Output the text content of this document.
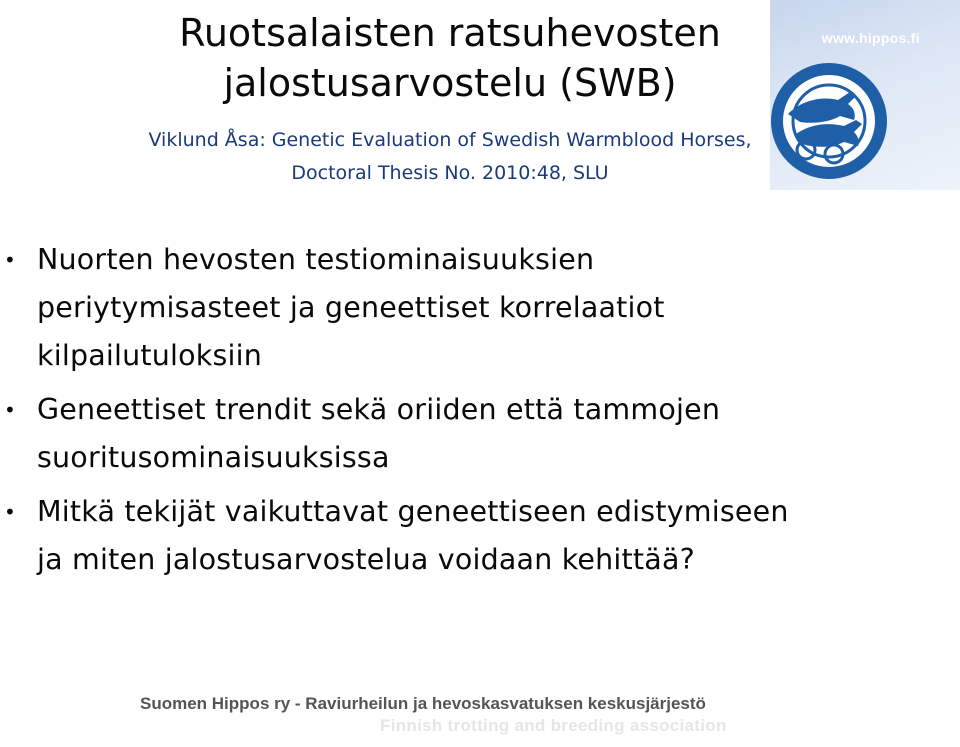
www.hippos.fi
Ruotsalaisten ratsuhevosten
jalostusarvostelu (SWB)
Viklund Åsa: Genetic Evaluation of Swedish Warmblood Horses,
Doctoral Thesis No. 2010:48, SLU
• Nuorten hevosten testiominaisuuksien
periytymisasteet ja geneettiset korrelaatiot
kilpailutuloksiin
• Geneettiset trendit sekä oriiden että tammojen
suoritusominaisuuksissa
• Mitkä tekijät vaikuttavat geneettiseen edistymiseen
ja miten jalostusarvostelua voidaan kehittää?
Suomen Hippos ry - Raviurheilun ja hevoskasvatuksen keskusjärjestö
Finnish trotting and breeding association
